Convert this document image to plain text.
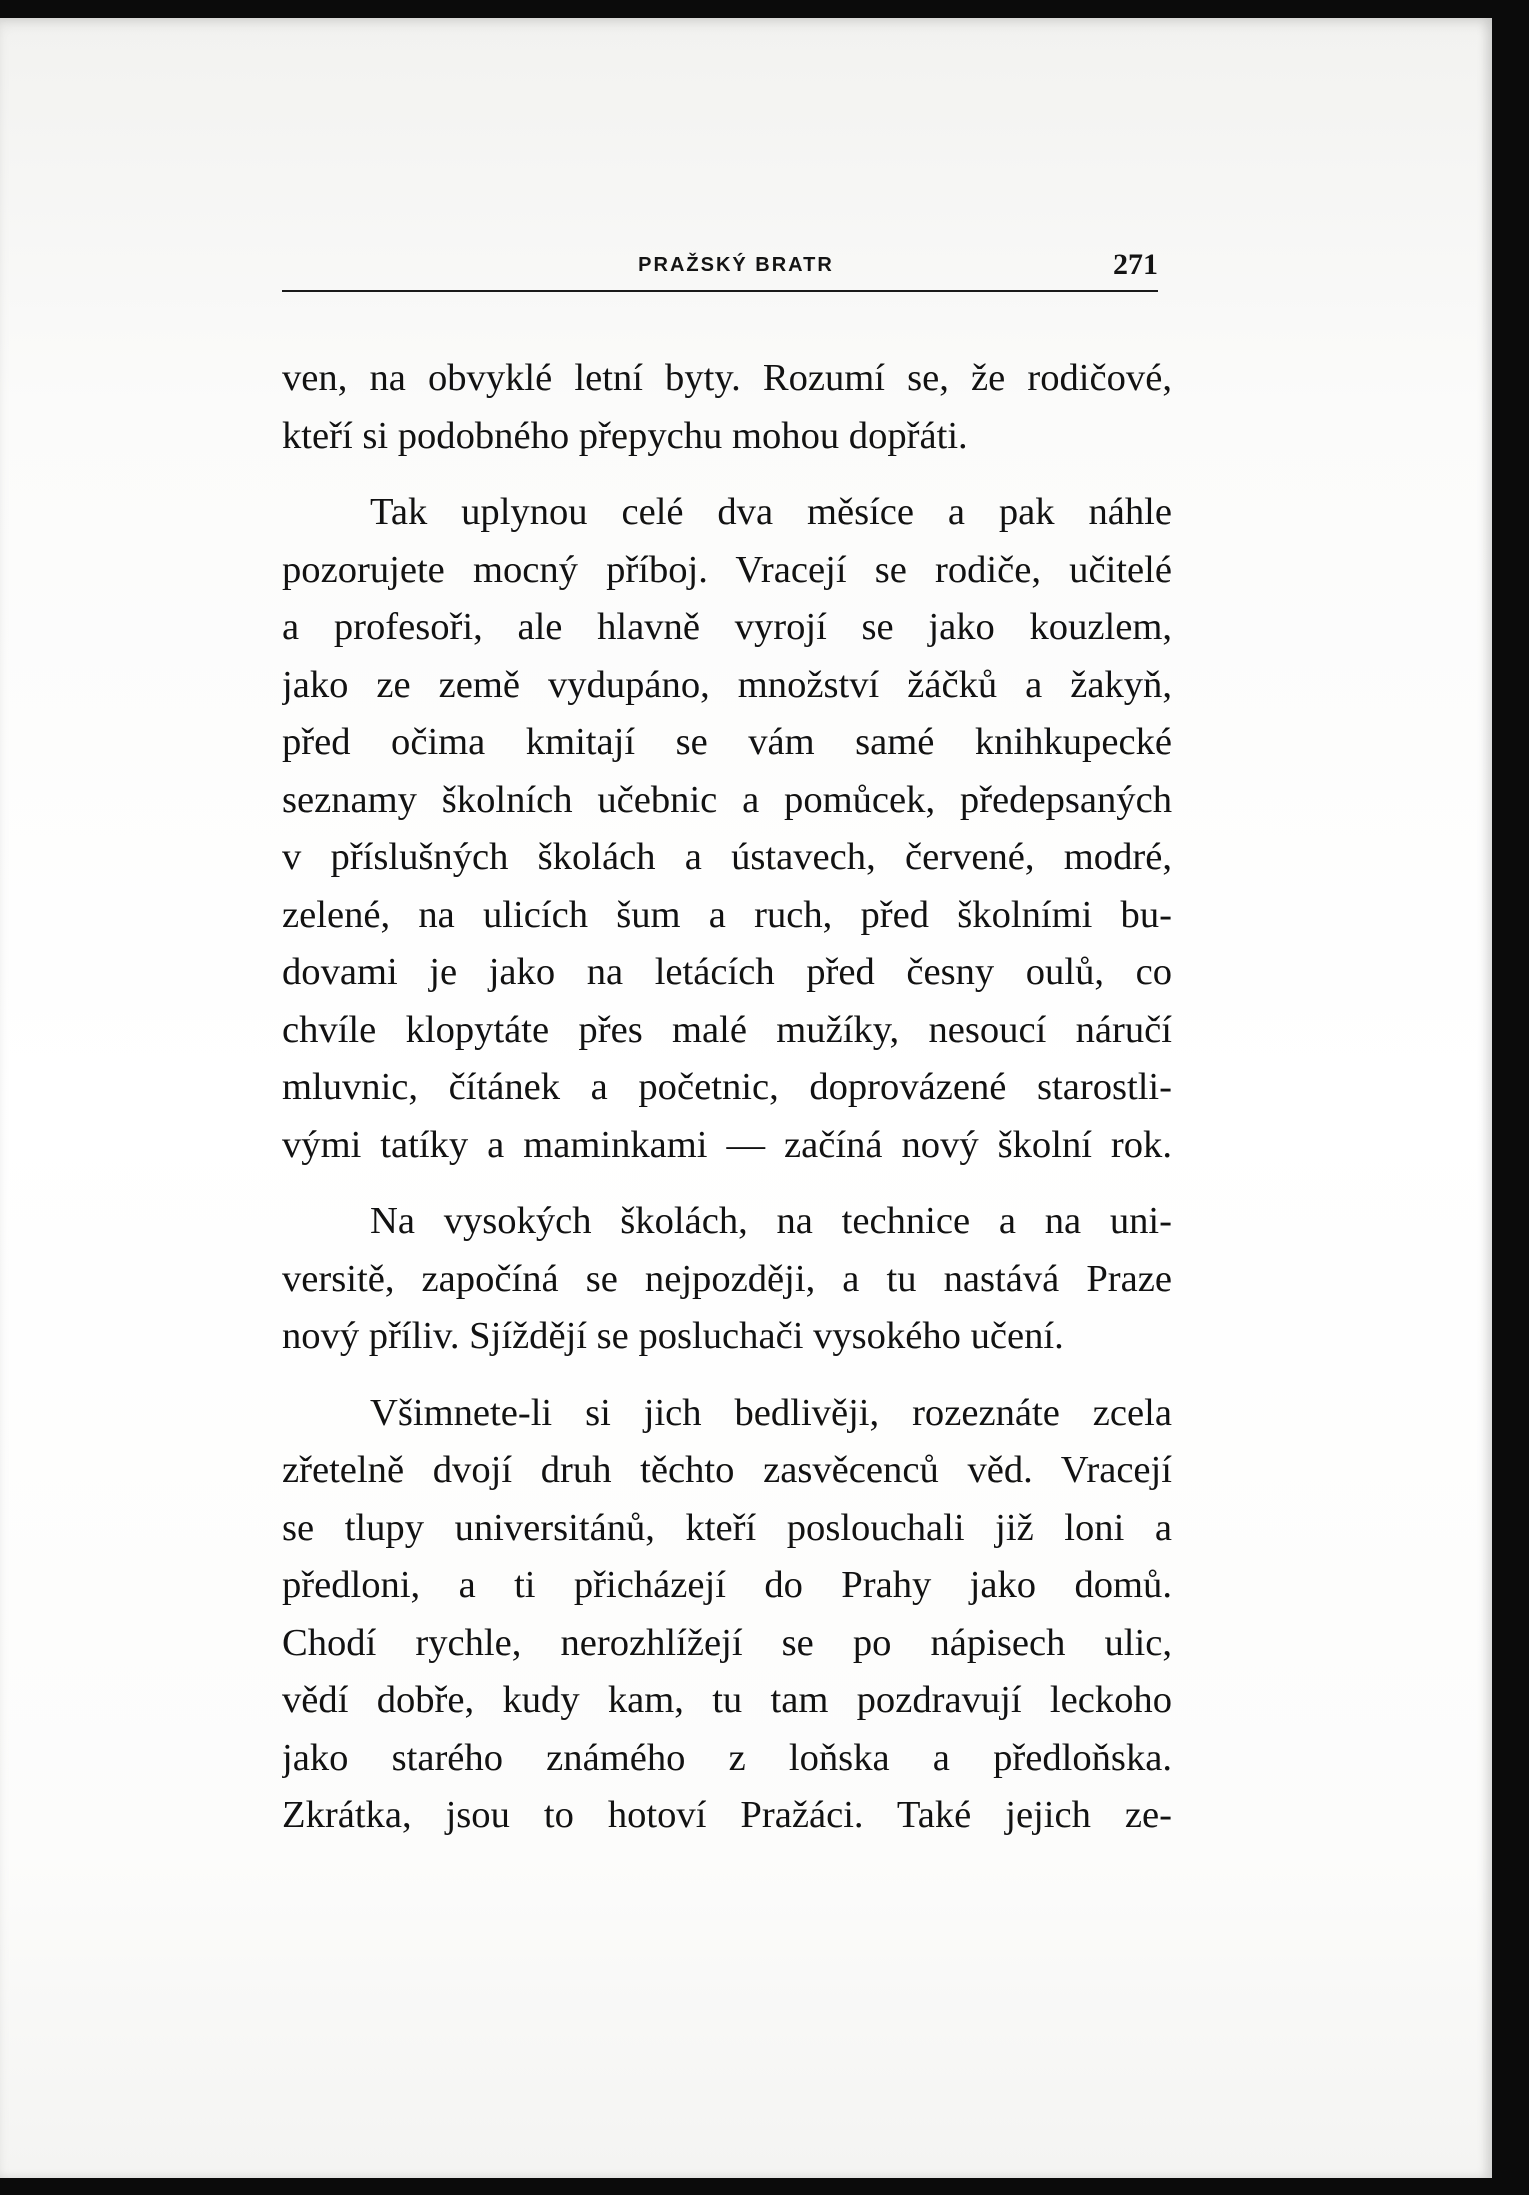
PRAŽSKÝ BRATR	271
ven, na obvyklé letní byty. Rozumí se, že rodičové,
kteří si podobného přepychu mohou dopřáti.
Tak uplynou celé dva měsíce a pak náhle
pozorujete mocný příboj. Vracejí se rodiče, učitelé
a profesoři, ale hlavně vyrojí se jako kouzlem,
jako ze země vydupáno, množství žáčků a žakyň,
před očima kmitají se vám samé knihkupecké
seznamy školních učebnic a pomůcek, předepsaných
v příslušných školách a ústavech, červené, modré,
zelené, na ulicích šum a ruch, před školními bu-
dovami je jako na letácích před česny oulů, co
chvíle klopytáte přes malé mužíky, nesoucí náručí
mluvnic, čítánek a početnic, doprovázené starostli-
vými tatíky a maminkami — začíná nový školní rok.
Na vysokých školách, na technice a na uni-
versitě, započíná se nejpozději, a tu nastává Praze
nový příliv. Sjíždějí se posluchači vysokého učení.
Všimnete-li si jich bedlivěji, rozeznáte zcela
zřetelně dvojí druh těchto zasvěcenců věd. Vracejí
se tlupy universitánů, kteří poslouchali již loni a
předloni, a ti přicházejí do Prahy jako domů.
Chodí rychle, nerozhlížejí se po nápisech ulic,
vědí dobře, kudy kam, tu tam pozdravují leckoho
jako starého známého z loňska a předloňska.
Zkrátka, jsou to hotoví Pražáci. Také jejich ze-
